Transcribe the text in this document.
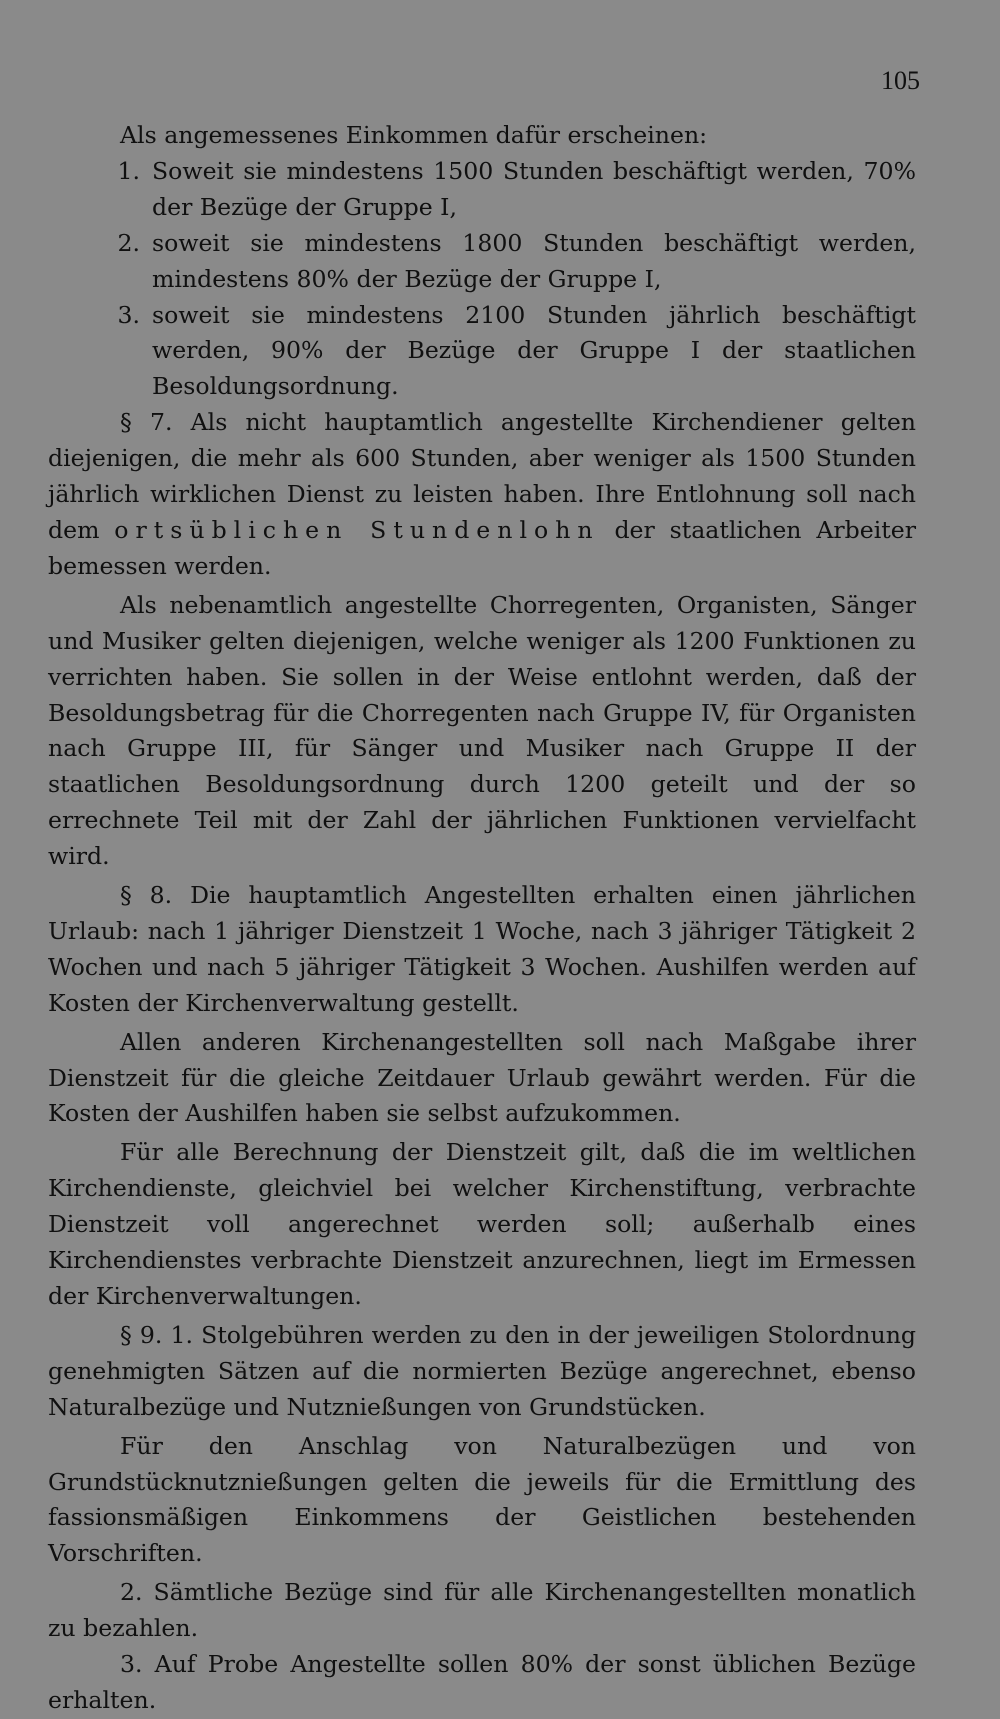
105

Als angemessenes Einkommen dafür erscheinen:

1. Soweit sie mindestens 1500 Stunden beschäftigt werden, 70% der Bezüge der Gruppe I,
2. soweit sie mindestens 1800 Stunden beschäftigt werden, mindestens 80% der Bezüge der Gruppe I,
3. soweit sie mindestens 2100 Stunden jährlich beschäftigt werden, 90% der Bezüge der Gruppe I der staatlichen Besoldungsordnung.

§ 7. Als nicht hauptamtlich angestellte Kirchendiener gelten diejenigen, die mehr als 600 Stunden, aber weniger als 1500 Stunden jährlich wirklichen Dienst zu leisten haben. Ihre Entlohnung soll nach dem ortsüblichen Stundenlohn der staatlichen Arbeiter bemessen werden.

Als nebenamtlich angestellte Chorregenten, Organisten, Sänger und Musiker gelten diejenigen, welche weniger als 1200 Funktionen zu verrichten haben. Sie sollen in der Weise entlohnt werden, daß der Besoldungsbetrag für die Chorregenten nach Gruppe IV, für Organisten nach Gruppe III, für Sänger und Musiker nach Gruppe II der staatlichen Besoldungsordnung durch 1200 geteilt und der so errechnete Teil mit der Zahl der jährlichen Funktionen vervielfacht wird.

§ 8. Die hauptamtlich Angestellten erhalten einen jährlichen Urlaub: nach 1 jähriger Dienstzeit 1 Woche, nach 3 jähriger Tätigkeit 2 Wochen und nach 5 jähriger Tätigkeit 3 Wochen. Aushilfen werden auf Kosten der Kirchenverwaltung gestellt.

Allen anderen Kirchenangestellten soll nach Maßgabe ihrer Dienstzeit für die gleiche Zeitdauer Urlaub gewährt werden. Für die Kosten der Aushilfen haben sie selbst aufzukommen.

Für alle Berechnung der Dienstzeit gilt, daß die im weltlichen Kirchendienste, gleichviel bei welcher Kirchenstiftung, verbrachte Dienstzeit voll angerechnet werden soll; außerhalb eines Kirchendienstes verbrachte Dienstzeit anzurechnen, liegt im Ermessen der Kirchenverwaltungen.

§ 9. 1. Stolgebühren werden zu den in der jeweiligen Stolordnung genehmigten Sätzen auf die normierten Bezüge angerechnet, ebenso Naturalbezüge und Nutznießungen von Grundstücken.

Für den Anschlag von Naturalbezügen und von Grundstücknutznießungen gelten die jeweils für die Ermittlung des fassionsmäßigen Einkommens der Geistlichen bestehenden Vorschriften.

2. Sämtliche Bezüge sind für alle Kirchenangestellten monatlich zu bezahlen.

3. Auf Probe Angestellte sollen 80% der sonst üblichen Bezüge erhalten.
